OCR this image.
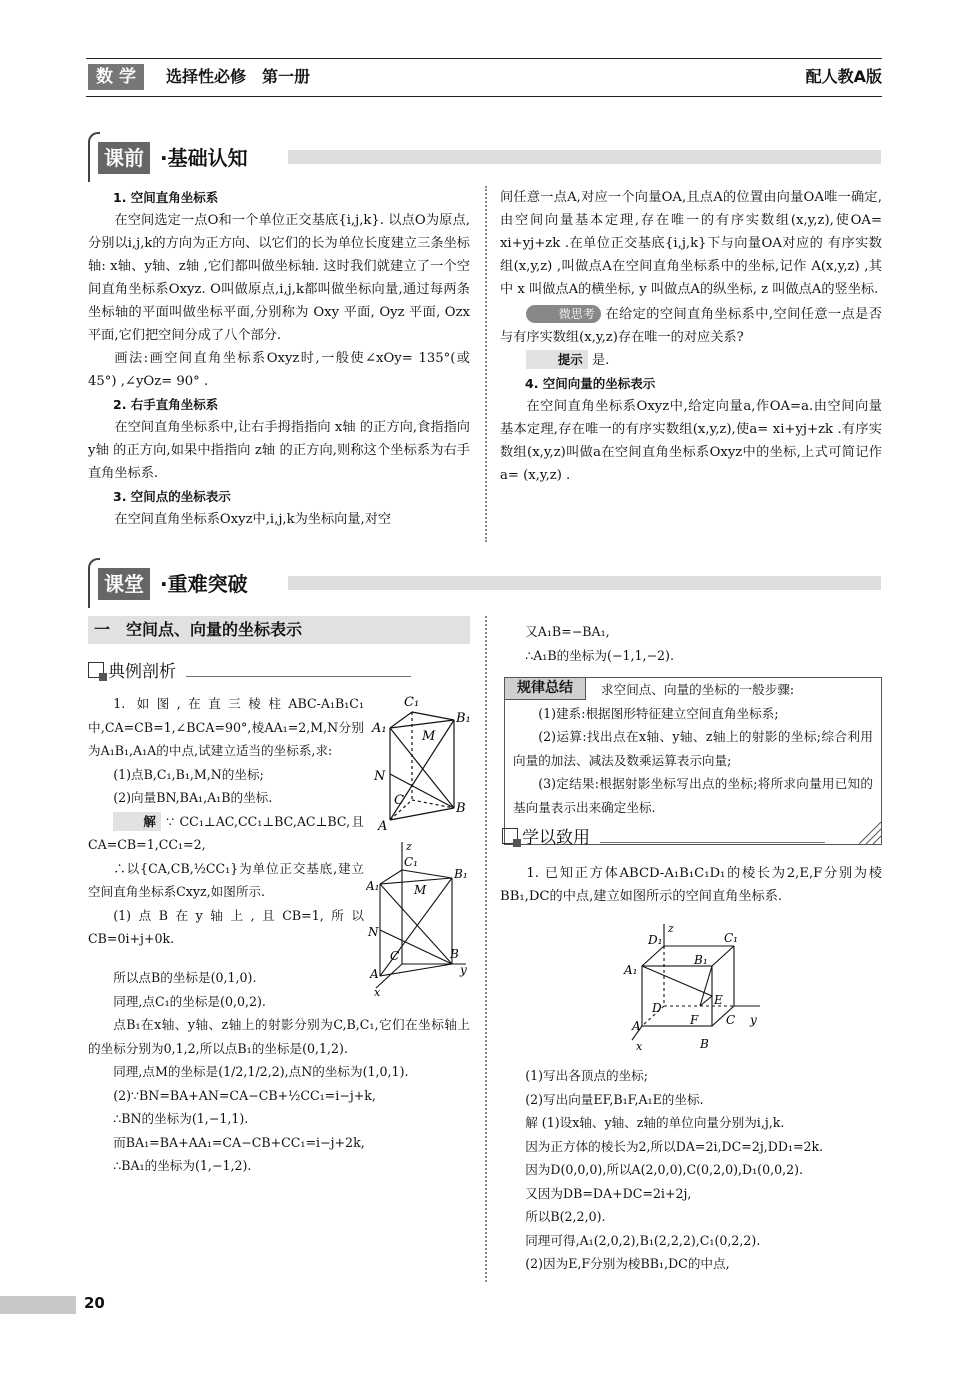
数 学	选择性必修　第一册	配人教A版
课前 ·基础认知

1. 空间直角坐标系

在空间选定一点O和一个单位正交基底{i,j,k}. 以点O为原点,分别以i,j,k的方向为正方向、以它们的长为单位长度建立三条坐标轴: x轴、y轴、z轴 ,它们都叫做坐标轴. 这时我们就建立了一个空间直角坐标系Oxyz. O叫做原点,i,j,k都叫做坐标向量,通过每两条坐标轴的平面叫做坐标平面,分别称为 Oxy 平面, Oyz 平面, Ozx 平面,它们把空间分成了八个部分.

画法:画空间直角坐标系Oxyz时,一般使∠xOy= 135°(或45°) ,∠yOz= 90° .

2. 右手直角坐标系

在空间直角坐标系中,让右手拇指指向 x轴 的正方向,食指指向 y轴 的正方向,如果中指指向 z轴 的正方向,则称这个坐标系为右手直角坐标系.

3. 空间点的坐标表示

在空间直角坐标系Oxyz中,i,j,k为坐标向量,对空

间任意一点A,对应一个向量OA,且点A的位置由向量OA唯一确定,由空间向量基本定理,存在唯一的有序实数组(x,y,z),使OA= xi+yj+zk .在单位正交基底{i,j,k}下与向量OA对应的 有序实数组(x,y,z) ,叫做点A在空间直角坐标系中的坐标,记作 A(x,y,z) ,其中 x 叫做点A的横坐标, y 叫做点A的纵坐标, z 叫做点A的竖坐标.

微思考 在给定的空间直角坐标系中,空间任意一点是否与有序实数组(x,y,z)存在唯一的对应关系?

提示 是.

4. 空间向量的坐标表示

在空间直角坐标系Oxyz中,给定向量a,作OA=a.由空间向量基本定理,存在唯一的有序实数组(x,y,z),使a= xi+yj+zk .有序实数组(x,y,z)叫做a在空间直角坐标系Oxyz中的坐标,上式可简记作a= (x,y,z) .

课堂 ·重难突破
一　空间点、向量的坐标表示
典例剖析

1. 如图,在直三棱柱ABC-A₁B₁C₁中,CA=CB=1,∠BCA=90°,棱AA₁=2,M,N分别为A₁B₁,A₁A的中点,试建立适当的坐标系,求:

(1)点B,C₁,B₁,M,N的坐标;

(2)向量BN,BA₁,A₁B的坐标.

解 ∵ CC₁⊥AC,CC₁⊥BC,AC⊥BC,且CA=CB=1,CC₁=2,

∴以{CA,CB,½CC₁}为单位正交基底,建立空间直角坐标系Cxyz,如图所示.

(1)点B在y轴上,且CB=1,所以CB=0i+j+0k.

C₁
B₁
A₁
M
N
C
B
A
z
C₁
B₁
A₁	M
N
C	B
y
A
x

所以点B的坐标是(0,1,0).

同理,点C₁的坐标是(0,0,2).

点B₁在x轴、y轴、z轴上的射影分别为C,B,C₁,它们在坐标轴上的坐标分别为0,1,2,所以点B₁的坐标是(0,1,2).

同理,点M的坐标是(1/2,1/2,2),点N的坐标为(1,0,1).

(2)∵BN=BA+AN=CA−CB+½CC₁=i−j+k,

∴BN的坐标为(1,−1,1).

而BA₁=BA+AA₁=CA−CB+CC₁=i−j+2k,

∴BA₁的坐标为(1,−1,2).

又A₁B=−BA₁,

∴A₁B的坐标为(−1,1,−2).

规律总结	求空间点、向量的坐标的一般步骤:

(1)建系:根据图形特征建立空间直角坐标系;

(2)运算:找出点在x轴、y轴、z轴上的射影的坐标;综合利用向量的加法、减法及数乘运算表示向量;

(3)定结果:根据射影坐标写出点的坐标;将所求向量用已知的基向量表示出来确定坐标.

学以致用

1. 已知正方体ABCD-A₁B₁C₁D₁的棱长为2,E,F分别为棱BB₁,DC的中点,建立如图所示的空间直角坐标系.

D₁
z
C₁
A₁
B₁
D
E
F C y
A
x	B

(1)写出各顶点的坐标;

(2)写出向量EF,B₁F,A₁E的坐标.

解 (1)设x轴、y轴、z轴的单位向量分别为i,j,k.

因为正方体的棱长为2,所以DA=2i,DC=2j,DD₁=2k.

因为D(0,0,0),所以A(2,0,0),C(0,2,0),D₁(0,0,2).

又因为DB=DA+DC=2i+2j,

所以B(2,2,0).

同理可得,A₁(2,0,2),B₁(2,2,2),C₁(0,2,2).

(2)因为E,F分别为棱BB₁,DC的中点,

20
